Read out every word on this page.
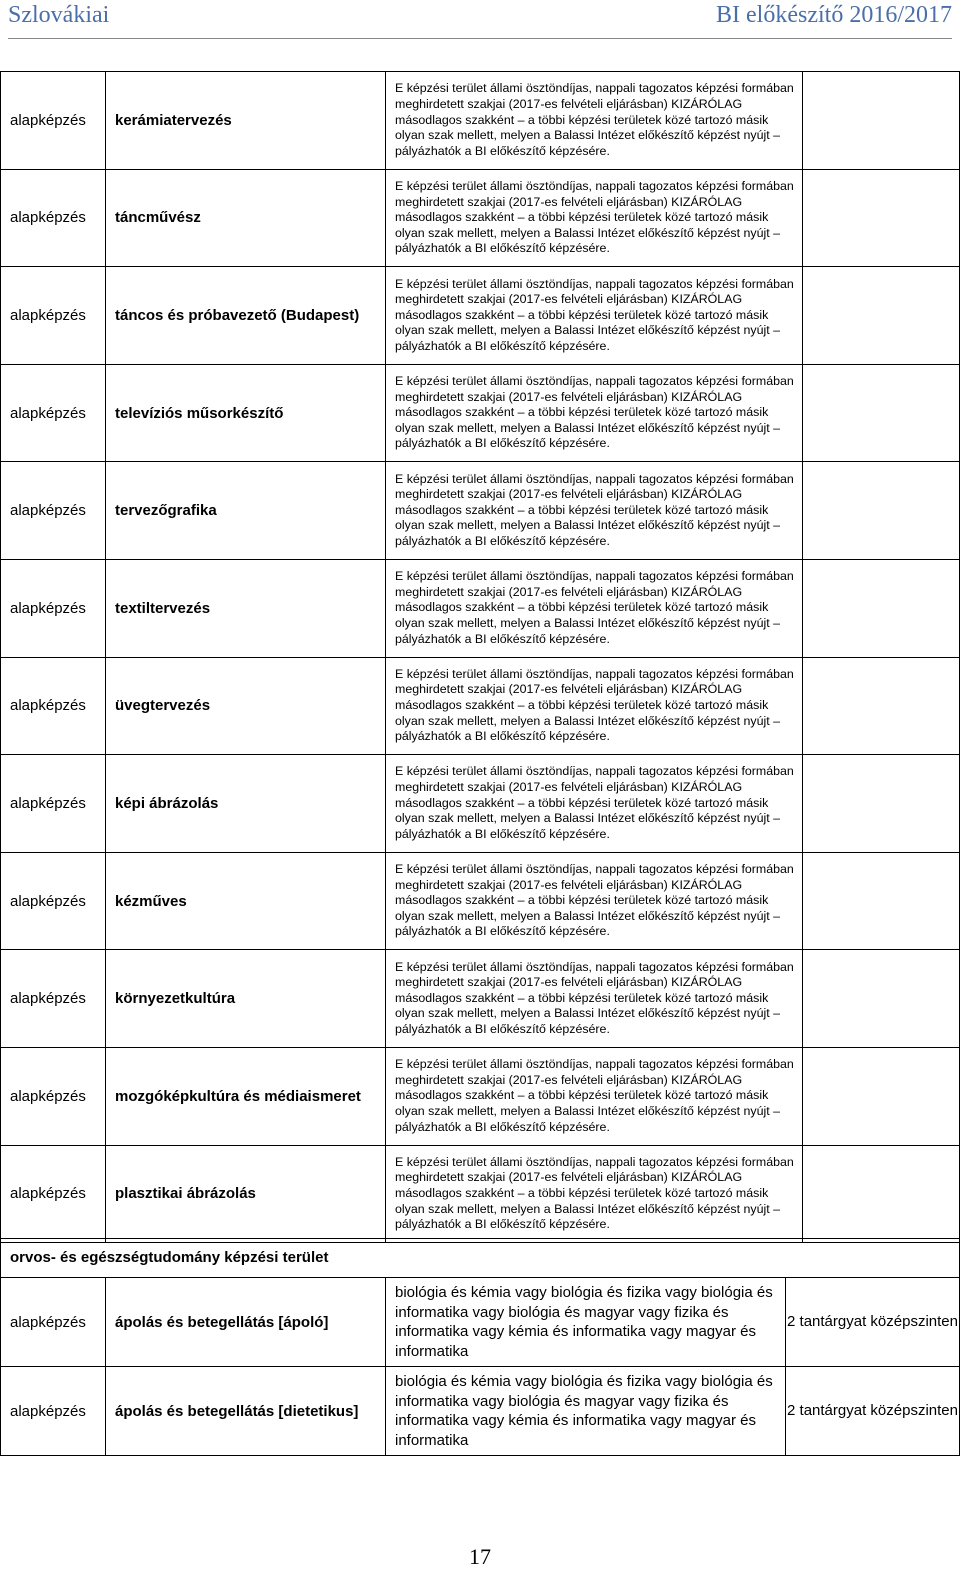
Szlovákiai	BI előkészítő 2016/2017
alapképzés	kerámiatervezés	E képzési terület állami ösztöndíjas, nappali tagozatos képzési formában meghirdetett szakjai (2017-es felvételi eljárásban) KIZÁRÓLAG másodlagos szakként – a többi képzési területek közé tartozó másik olyan szak mellett, melyen a Balassi Intézet előkészítő képzést nyújt – pályázhatók a BI előkészítő képzésére.	
alapképzés	táncművész	E képzési terület állami ösztöndíjas, nappali tagozatos képzési formában meghirdetett szakjai (2017-es felvételi eljárásban) KIZÁRÓLAG másodlagos szakként – a többi képzési területek közé tartozó másik olyan szak mellett, melyen a Balassi Intézet előkészítő képzést nyújt – pályázhatók a BI előkészítő képzésére.	
alapképzés	táncos és próbavezető (Budapest)	E képzési terület állami ösztöndíjas, nappali tagozatos képzési formában meghirdetett szakjai (2017-es felvételi eljárásban) KIZÁRÓLAG másodlagos szakként – a többi képzési területek közé tartozó másik olyan szak mellett, melyen a Balassi Intézet előkészítő képzést nyújt – pályázhatók a BI előkészítő képzésére.	
alapképzés	televíziós műsorkészítő	E képzési terület állami ösztöndíjas, nappali tagozatos képzési formában meghirdetett szakjai (2017-es felvételi eljárásban) KIZÁRÓLAG másodlagos szakként – a többi képzési területek közé tartozó másik olyan szak mellett, melyen a Balassi Intézet előkészítő képzést nyújt – pályázhatók a BI előkészítő képzésére.	
alapképzés	tervezőgrafika	E képzési terület állami ösztöndíjas, nappali tagozatos képzési formában meghirdetett szakjai (2017-es felvételi eljárásban) KIZÁRÓLAG másodlagos szakként – a többi képzési területek közé tartozó másik olyan szak mellett, melyen a Balassi Intézet előkészítő képzést nyújt – pályázhatók a BI előkészítő képzésére.	
alapképzés	textiltervezés	E képzési terület állami ösztöndíjas, nappali tagozatos képzési formában meghirdetett szakjai (2017-es felvételi eljárásban) KIZÁRÓLAG másodlagos szakként – a többi képzési területek közé tartozó másik olyan szak mellett, melyen a Balassi Intézet előkészítő képzést nyújt – pályázhatók a BI előkészítő képzésére.	
alapképzés	üvegtervezés	E képzési terület állami ösztöndíjas, nappali tagozatos képzési formában meghirdetett szakjai (2017-es felvételi eljárásban) KIZÁRÓLAG másodlagos szakként – a többi képzési területek közé tartozó másik olyan szak mellett, melyen a Balassi Intézet előkészítő képzést nyújt – pályázhatók a BI előkészítő képzésére.	
alapképzés	képi ábrázolás	E képzési terület állami ösztöndíjas, nappali tagozatos képzési formában meghirdetett szakjai (2017-es felvételi eljárásban) KIZÁRÓLAG másodlagos szakként – a többi képzési területek közé tartozó másik olyan szak mellett, melyen a Balassi Intézet előkészítő képzést nyújt – pályázhatók a BI előkészítő képzésére.	
alapképzés	kézműves	E képzési terület állami ösztöndíjas, nappali tagozatos képzési formában meghirdetett szakjai (2017-es felvételi eljárásban) KIZÁRÓLAG másodlagos szakként – a többi képzési területek közé tartozó másik olyan szak mellett, melyen a Balassi Intézet előkészítő képzést nyújt – pályázhatók a BI előkészítő képzésére.	
alapképzés	környezetkultúra	E képzési terület állami ösztöndíjas, nappali tagozatos képzési formában meghirdetett szakjai (2017-es felvételi eljárásban) KIZÁRÓLAG másodlagos szakként – a többi képzési területek közé tartozó másik olyan szak mellett, melyen a Balassi Intézet előkészítő képzést nyújt – pályázhatók a BI előkészítő képzésére.	
alapképzés	mozgóképkultúra és médiaismeret	E képzési terület állami ösztöndíjas, nappali tagozatos képzési formában meghirdetett szakjai (2017-es felvételi eljárásban) KIZÁRÓLAG másodlagos szakként – a többi képzési területek közé tartozó másik olyan szak mellett, melyen a Balassi Intézet előkészítő képzést nyújt – pályázhatók a BI előkészítő képzésére.	
alapképzés	plasztikai ábrázolás	E képzési terület állami ösztöndíjas, nappali tagozatos képzési formában meghirdetett szakjai (2017-es felvételi eljárásban) KIZÁRÓLAG másodlagos szakként – a többi képzési területek közé tartozó másik olyan szak mellett, melyen a Balassi Intézet előkészítő képzést nyújt – pályázhatók a BI előkészítő képzésére.	
orvos- és egészségtudomány képzési terület			
alapképzés	ápolás és betegellátás [ápoló]	biológia és kémia vagy biológia és fizika vagy biológia és informatika vagy biológia és magyar vagy fizika és informatika vagy kémia és informatika vagy magyar és informatika	2 tantárgyat középszinten
alapképzés	ápolás és betegellátás [dietetikus]	biológia és kémia vagy biológia és fizika vagy biológia és informatika vagy biológia és magyar vagy fizika és informatika vagy kémia és informatika vagy magyar és informatika	2 tantárgyat középszinten
17
